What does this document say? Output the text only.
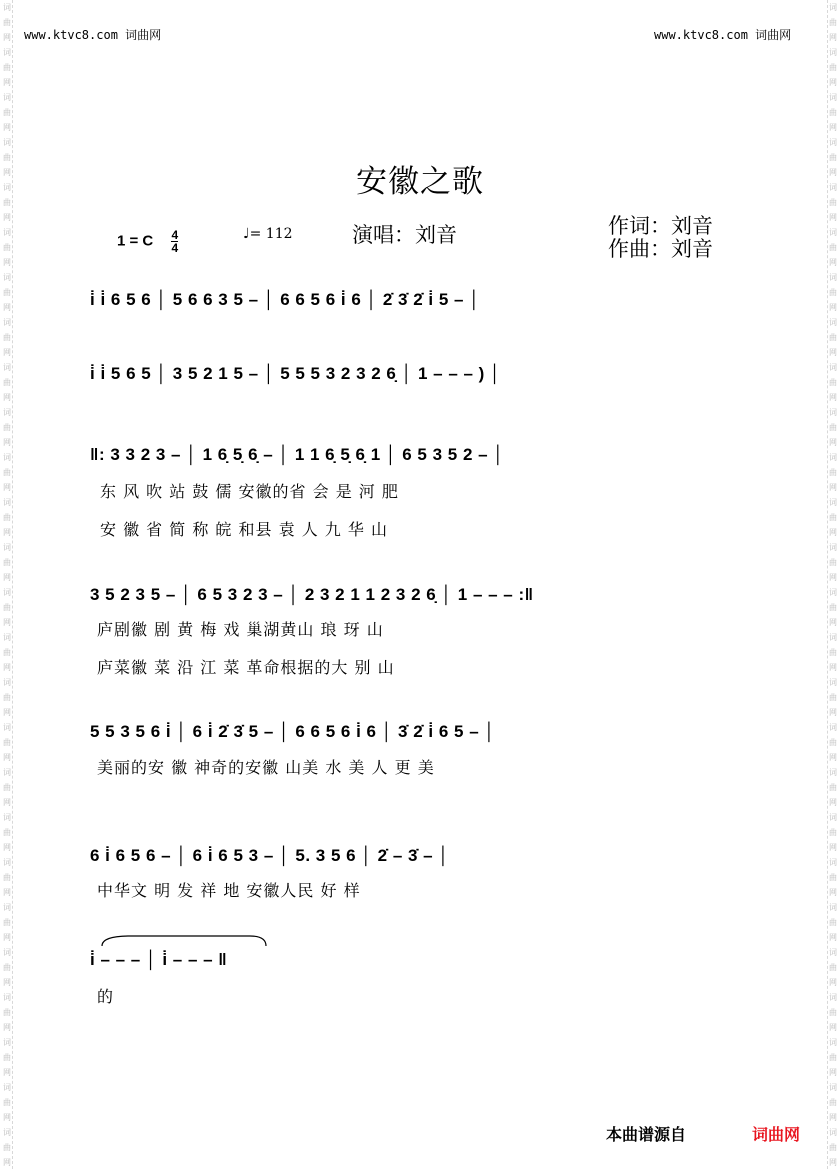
词
曲
网
词
曲
网
词
曲
网
词
曲
网
词
曲
网
词
曲
网
词
曲
网
词
曲
网
词
曲
网
词
曲
网
词
曲
网
词
曲
网
词
曲
网
词
曲
网
词
曲
网
词
曲
网
词
曲
网
词
曲
网
词
曲
网
词
曲
网
词
曲
网
词
曲
网
词
曲
网
词
曲
网
词
曲
网
词
曲
网
词
曲
网
词
曲
网
词
曲
网
词
曲
网
词
曲
网
词
曲
网
词
曲
网
词
曲
网
词
曲
网
词
曲
网
词
曲
网
词
曲
网
词
曲
网
词
曲
网
词
曲
网
词
曲
网
词
曲
网
词
曲
网
词
曲
网
词
曲
网
词
曲
网
词
曲
网
词
曲
网
词
曲
网
词
曲
网
词
曲
网
www.ktvc8.com 词曲网	www.ktvc8.com 词曲网
安徽之歌
1 = C $\frac{4}{4}$	♩= 112	演唱：刘音	作词：刘音
作曲：刘音
i̇ i̇ 6 5 6 │ 5 6 6 3 5 – │ 6 6 5 6 i̇ 6 │ 2̇ 3̇ 2̇ i̇ 5 – │
i̇ i̇ 5 6 5 │ 3 5 2 1 5 – │ 5 5 5 3 2 3 2 6̣ │ 1 – – – ) │
‖: 3 3 2 3 – │ 1 6̣ 5̣ 6̣ – │ 1 1 6̣ 5̣ 6̣ 1 │ 6 5 3 5 2 – │
东 风 吹 站 鼓 儒 安徽的省 会 是 河 肥
安 徽 省 简 称 皖 和县 袁 人 九 华 山
3 5 2 3 5 – │ 6 5 3 2 3 – │ 2 3 2 1 1 2 3 2 6̣ │ 1 – – – :‖
庐剧徽 剧 黄 梅 戏 巢湖黄山 琅 玡 山
庐菜徽 菜 沿 江 菜 革命根据的大 别 山
5 5 3 5 6 i̇ │ 6 i̇ 2̇ 3̇ 5 – │ 6 6 5 6 i̇ 6 │ 3̇ 2̇ i̇ 6 5 – │
美丽的安 徽 神奇的安徽 山美 水 美 人 更 美
6 i̇ 6 5 6 – │ 6 i̇ 6 5 3 – │ 5. 3 5 6 │ 2̇ – 3̇ – │
中华文 明 发 祥 地 安徽人民 好 样
i̇ – – – │ i̇ – – – ‖
的
本曲谱源自	词曲网
